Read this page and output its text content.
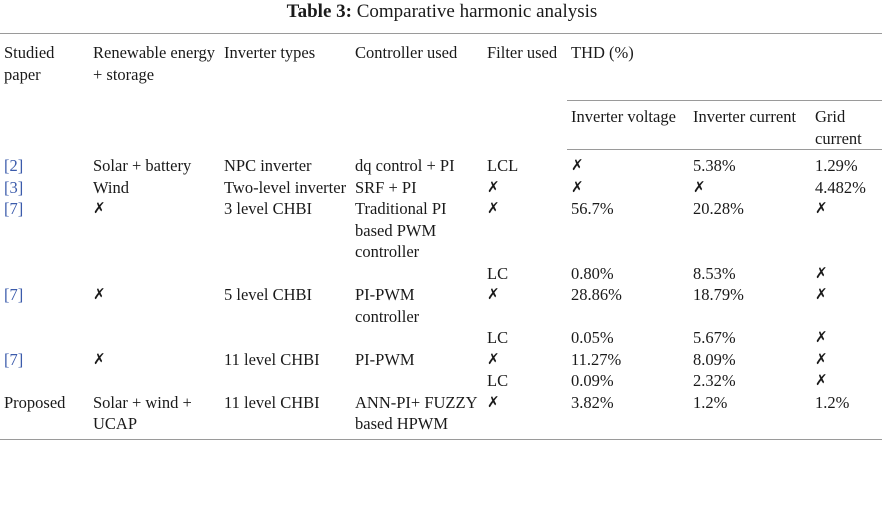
Table 3: Comparative harmonic analysis
Studied paper	Renewable energy + storage	Inverter types	Controller used	Filter used	THD (%)		
					Inverter voltage	Inverter current	Grid current
[2]	Solar + battery	NPC inverter	dq control + PI	LCL	✗	5.38%	1.29%
[3]	Wind	Two-level inverter	SRF + PI	✗	✗	✗	4.482%
[7]	✗	3 level CHBI	Traditional PI based PWM controller	✗	56.7%	20.28%	✗
				LC	0.80%	8.53%	✗
[7]	✗	5 level CHBI	PI-PWM controller	✗	28.86%	18.79%	✗
				LC	0.05%	5.67%	✗
[7]	✗	11 level CHBI	PI-PWM	✗	11.27%	8.09%	✗
				LC	0.09%	2.32%	✗
Proposed	Solar + wind + UCAP	11 level CHBI	ANN-PI+ FUZZY based HPWM	✗	3.82%	1.2%	1.2%
